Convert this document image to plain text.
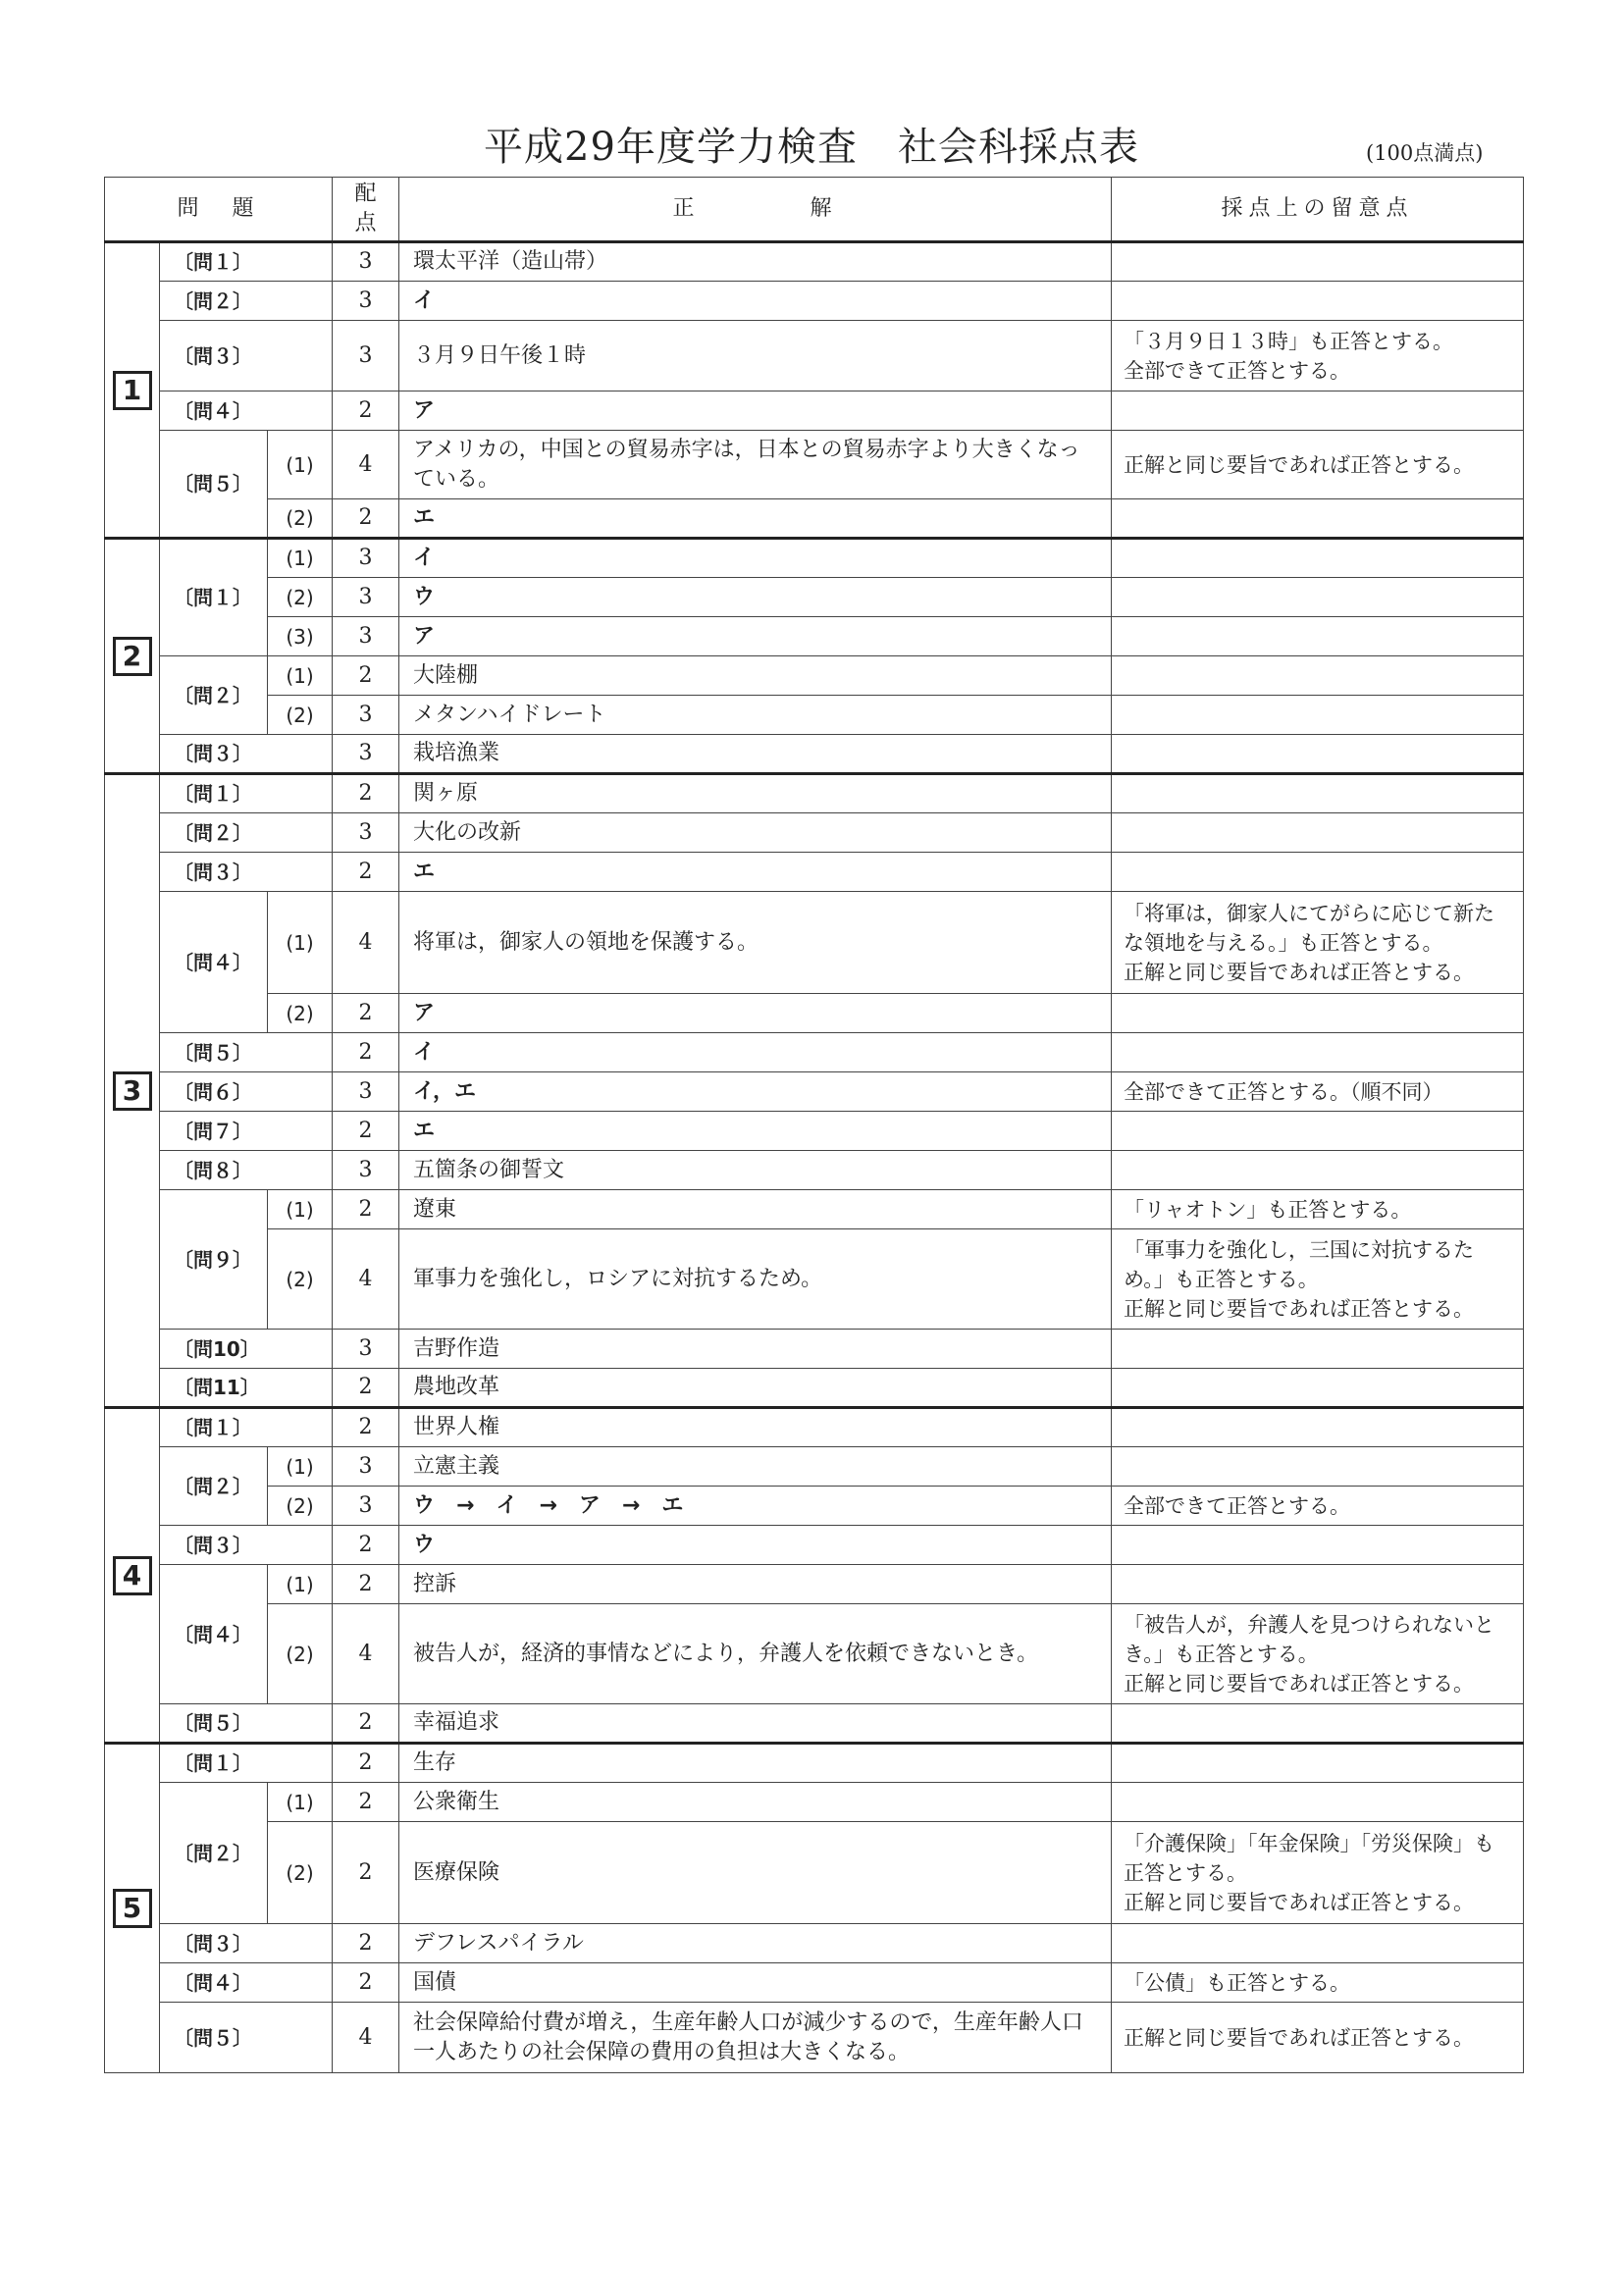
平成29年度学力検査　社会科採点表	(100点満点)
問　題			配点	正　　　　解	採点上の留意点
1	〔問１〕		3	環太平洋（造山帯）	
	〔問２〕		3	イ	
	〔問３〕		3	３月９日午後１時	「３月９日１３時」も正答とする。
全部できて正答とする。
	〔問４〕		2	ア	
	〔問５〕	(1)	4	アメリカの，中国との貿易赤字は，日本との貿易赤字より大きくなっている。	正解と同じ要旨であれば正答とする。
		(2)	2	エ	
2	〔問１〕	(1)	3	イ	
		(2)	3	ウ	
		(3)	3	ア	
	〔問２〕	(1)	2	大陸棚	
		(2)	3	メタンハイドレート	
	〔問３〕		3	栽培漁業	
3	〔問１〕		2	関ヶ原	
	〔問２〕		3	大化の改新	
	〔問３〕		2	エ	
	〔問４〕	(1)	4	将軍は，御家人の領地を保護する。	「将軍は，御家人にてがらに応じて新たな領地を与える。」も正答とする。
正解と同じ要旨であれば正答とする。
		(2)	2	ア	
	〔問５〕		2	イ	
	〔問６〕		3	イ，エ	全部できて正答とする。（順不同）
	〔問７〕		2	エ	
	〔問８〕		3	五箇条の御誓文	
	〔問９〕	(1)	2	遼東	「リャオトン」も正答とする。
		(2)	4	軍事力を強化し，ロシアに対抗するため。	「軍事力を強化し，三国に対抗するため。」も正答とする。
正解と同じ要旨であれば正答とする。
	〔問10〕		3	吉野作造	
	〔問11〕		2	農地改革	
4	〔問１〕		2	世界人権	
	〔問２〕	(1)	3	立憲主義	
		(2)	3	ウ　→　イ　→　ア　→　エ	全部できて正答とする。
	〔問３〕		2	ウ	
	〔問４〕	(1)	2	控訴	
		(2)	4	被告人が，経済的事情などにより，弁護人を依頼できないとき。	「被告人が，弁護人を見つけられないとき。」も正答とする。
正解と同じ要旨であれば正答とする。
	〔問５〕		2	幸福追求	
5	〔問１〕		2	生存	
	〔問２〕	(1)	2	公衆衛生	
		(2)	2	医療保険	「介護保険」「年金保険」「労災保険」も正答とする。
正解と同じ要旨であれば正答とする。
	〔問３〕		2	デフレスパイラル	
	〔問４〕		2	国債	「公債」も正答とする。
	〔問５〕		4	社会保障給付費が増え，生産年齢人口が減少するので，生産年齢人口一人あたりの社会保障の費用の負担は大きくなる。	正解と同じ要旨であれば正答とする。
